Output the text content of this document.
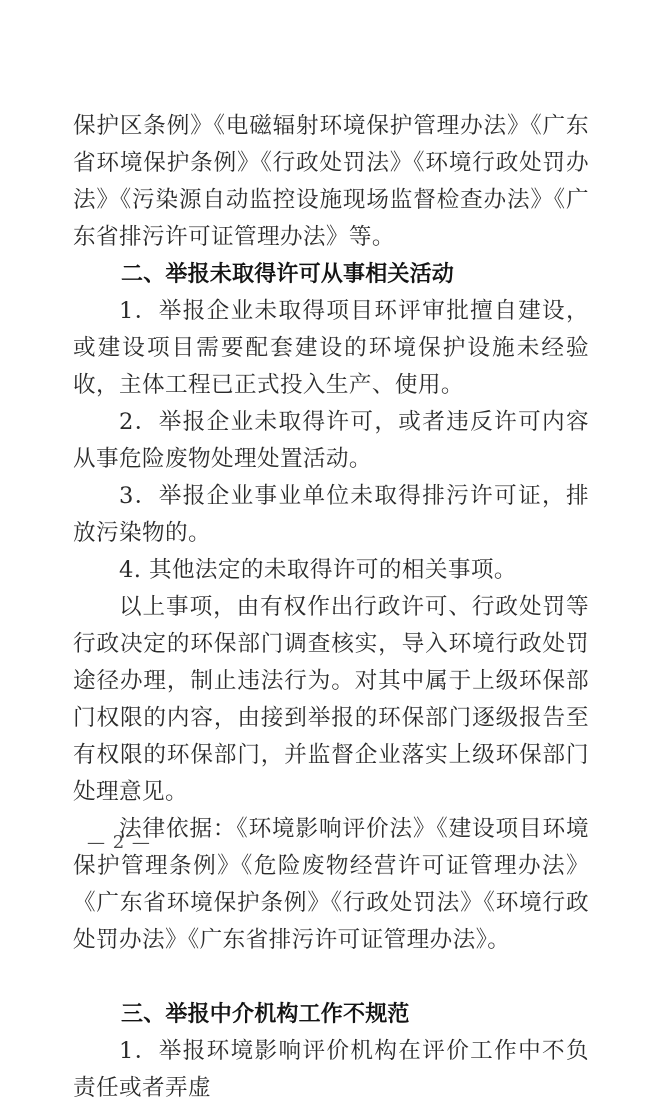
保护区条例》《电磁辐射环境保护管理办法》《广东省环境保护条例》《行政处罚法》《环境行政处罚办法》《污染源自动监控设施现场监督检查办法》《广东省排污许可证管理办法》等。

二、举报未取得许可从事相关活动

1．举报企业未取得项目环评审批擅自建设，或建设项目需要配套建设的环境保护设施未经验收，主体工程已正式投入生产、使用。

2．举报企业未取得许可，或者违反许可内容从事危险废物处理处置活动。

3．举报企业事业单位未取得排污许可证，排放污染物的。

4. 其他法定的未取得许可的相关事项。

以上事项，由有权作出行政许可、行政处罚等行政决定的环保部门调查核实，导入环境行政处罚途径办理，制止违法行为。对其中属于上级环保部门权限的内容，由接到举报的环保部门逐级报告至有权限的环保部门，并监督企业落实上级环保部门处理意见。

法律依据：《环境影响评价法》《建设项目环境保护管理条例》《危险废物经营许可证管理办法》《广东省环境保护条例》《行政处罚法》《环境行政处罚办法》《广东省排污许可证管理办法》。

三、举报中介机构工作不规范

1．举报环境影响评价机构在评价工作中不负责任或者弄虚

— 2 —
